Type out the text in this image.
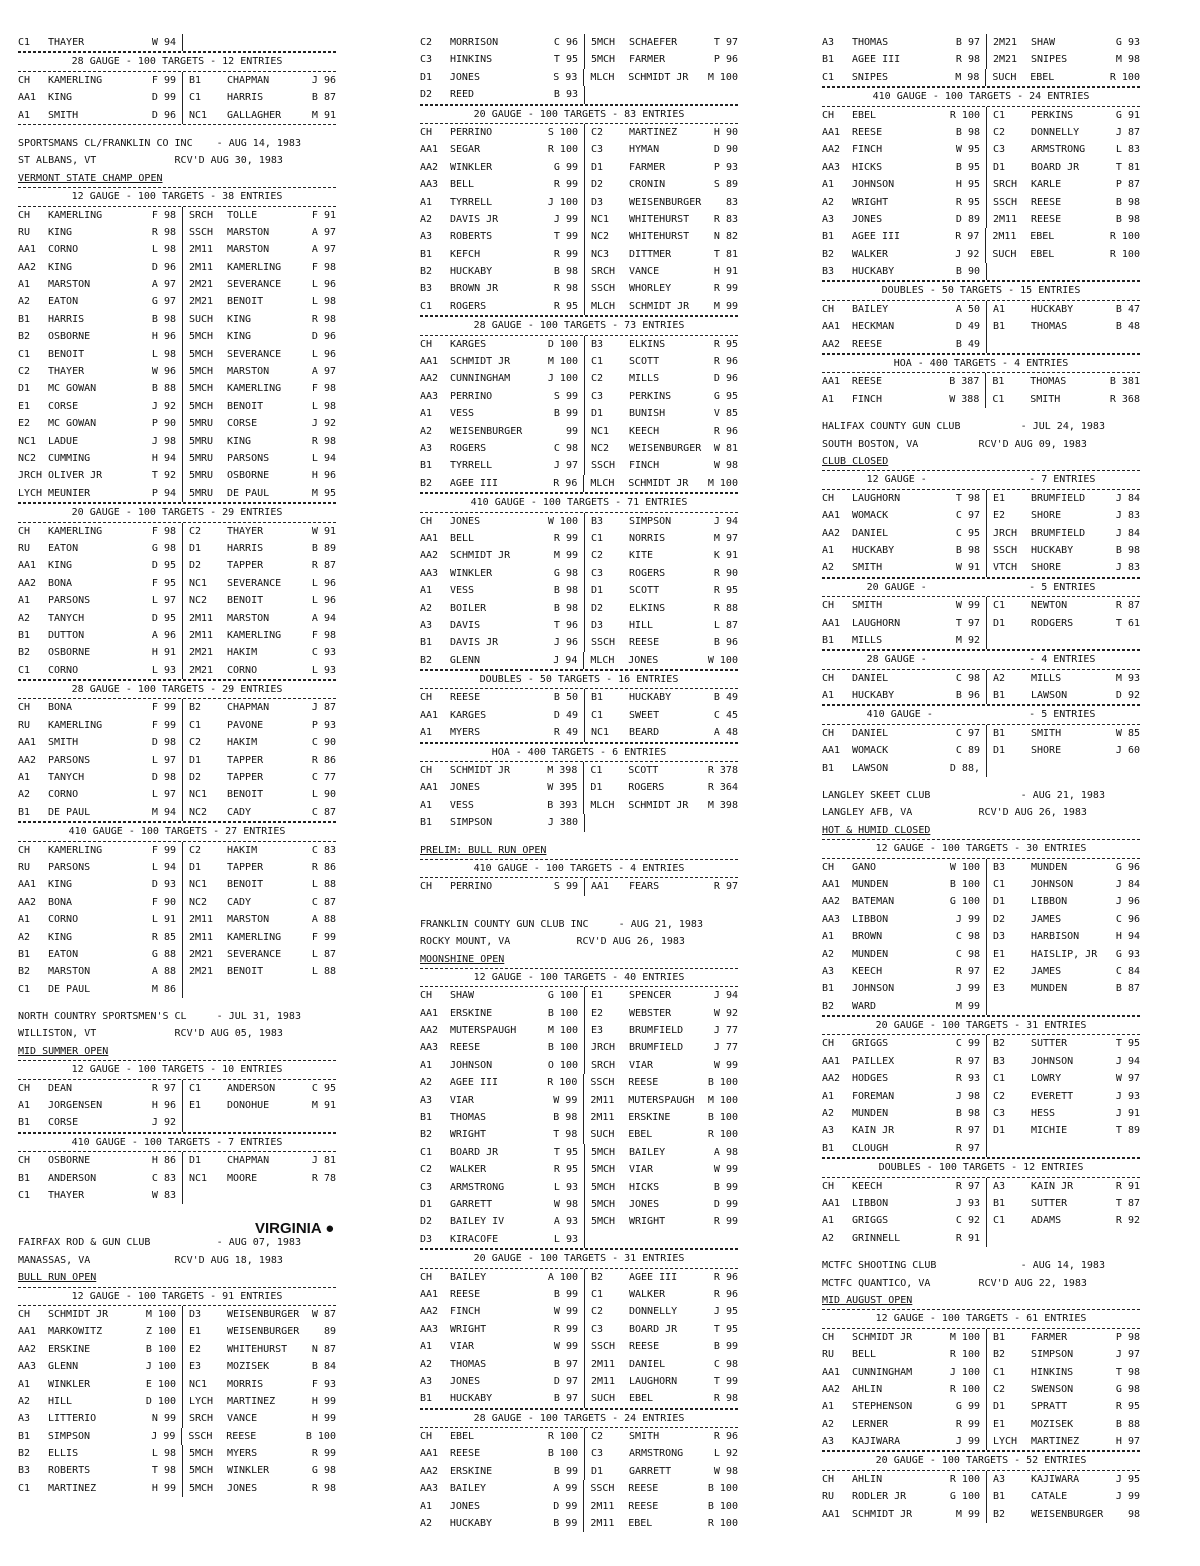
C1	THAYER	W 94
28 GAUGE - 100 TARGETS - 12 ENTRIES
CH	KAMERLING	F 99	B1	CHAPMAN	J 96
AA1	KING	D 99	C1	HARRIS	B 87
A1	SMITH	D 96	NC1	GALLAGHER	M 91
SPORTSMANS CL/FRANKLIN CO INC    - AUG 14, 1983
ST ALBANS, VT             RCV'D AUG 30, 1983
VERMONT STATE CHAMP OPEN
12 GAUGE - 100 TARGETS - 38 ENTRIES
CH	KAMERLING	F 98	SRCH	TOLLE	F 91
RU	KING	R 98	SSCH	MARSTON	A 97
AA1	CORNO	L 98	2M11	MARSTON	A 97
AA2	KING	D 96	2M11	KAMERLING	F 98
A1	MARSTON	A 97	2M21	SEVERANCE	L 96
A2	EATON	G 97	2M21	BENOIT	L 98
B1	HARRIS	B 98	SUCH	KING	R 98
B2	OSBORNE	H 96	5MCH	KING	D 96
C1	BENOIT	L 98	5MCH	SEVERANCE	L 96
C2	THAYER	W 96	5MCH	MARSTON	A 97
D1	MC GOWAN	B 88	5MCH	KAMERLING	F 98
E1	CORSE	J 92	5MCH	BENOIT	L 98
E2	MC GOWAN	P 90	5MRU	CORSE	J 92
NC1	LADUE	J 98	5MRU	KING	R 98
NC2	CUMMING	H 94	5MRU	PARSONS	L 94
JRCH OLIVER JR	T 92	5MRU	OSBORNE	H 96
LYCH MEUNIER	P 94	5MRU	DE PAUL	M 95
20 GAUGE - 100 TARGETS - 29 ENTRIES
CH	KAMERLING	F 98	C2	THAYER	W 91
RU	EATON	G 98	D1	HARRIS	B 89
AA1	KING	D 95	D2	TAPPER	R 87
AA2	BONA	F 95	NC1	SEVERANCE	L 96
A1	PARSONS	L 97	NC2	BENOIT	L 96
A2	TANYCH	D 95	2M11	MARSTON	A 94
B1	DUTTON	A 96	2M11	KAMERLING	F 98
B2	OSBORNE	H 91	2M21	HAKIM	C 93
C1	CORNO	L 93	2M21	CORNO	L 93
28 GAUGE - 100 TARGETS - 29 ENTRIES
CH	BONA	F 99	B2	CHAPMAN	J 87
RU	KAMERLING	F 99	C1	PAVONE	P 93
AA1	SMITH	D 98	C2	HAKIM	C 90
AA2	PARSONS	L 97	D1	TAPPER	R 86
A1	TANYCH	D 98	D2	TAPPER	C 77
A2	CORNO	L 97	NC1	BENOIT	L 90
B1	DE PAUL	M 94	NC2	CADY	C 87
410 GAUGE - 100 TARGETS - 27 ENTRIES
CH	KAMERLING	F 99	C2	HAKIM	C 83
RU	PARSONS	L 94	D1	TAPPER	R 86
AA1	KING	D 93	NC1	BENOIT	L 88
AA2	BONA	F 90	NC2	CADY	C 87
A1	CORNO	L 91	2M11	MARSTON	A 88
A2	KING	R 85	2M11	KAMERLING	F 99
B1	EATON	G 88	2M21	SEVERANCE	L 87
B2	MARSTON	A 88	2M21	BENOIT	L 88
C1	DE PAUL	M 86
NORTH COUNTRY SPORTSMEN'S CL     - JUL 31, 1983
WILLISTON, VT             RCV'D AUG 05, 1983
MID SUMMER OPEN
12 GAUGE - 100 TARGETS - 10 ENTRIES
CH	DEAN	R 97	C1	ANDERSON	C 95
A1	JORGENSEN	H 96	E1	DONOHUE	M 91
B1	CORSE	J 92
410 GAUGE - 100 TARGETS - 7 ENTRIES
CH	OSBORNE	H 86	D1	CHAPMAN	J 81
B1	ANDERSON	C 83	NC1	MOORE	R 78
C1	THAYER	W 83
FAIRFAX ROD & GUN CLUB           - AUG 07, 1983
MANASSAS, VA              RCV'D AUG 18, 1983
BULL RUN OPEN
12 GAUGE - 100 TARGETS - 91 ENTRIES
CH	SCHMIDT JR	M 100	D3	WEISENBURGER	W 87
AA1	MARKOWITZ	Z 100	E1	WEISENBURGER	89
AA2	ERSKINE	B 100	E2	WHITEHURST	N 87
AA3	GLENN	J 100	E3	MOZISEK	B 84
A1	WINKLER	E 100	NC1	MORRIS	F 93
A2	HILL	D 100	LYCH	MARTINEZ	H 99
A3	LITTERIO	N 99	SRCH	VANCE	H 99
B1	SIMPSON	J 99	SSCH	REESE	B 100
B2	ELLIS	L 98	5MCH	MYERS	R 99
B3	ROBERTS	T 98	5MCH	WINKLER	G 98
C1	MARTINEZ	H 99	5MCH	JONES	R 98
C2	MORRISON	C 96	5MCH	SCHAEFER	T 97
C3	HINKINS	T 95	5MCH	FARMER	P 96
D1	JONES	S 93	MLCH	SCHMIDT JR	M 100
D2	REED	B 93
20 GAUGE - 100 TARGETS - 83 ENTRIES
CH	PERRINO	S 100	C2	MARTINEZ	H 90
AA1	SEGAR	R 100	C3	HYMAN	D 90
AA2	WINKLER	G 99	D1	FARMER	P 93
AA3	BELL	R 99	D2	CRONIN	S 89
A1	TYRRELL	J 100	D3	WEISENBURGER	83
A2	DAVIS JR	J 99	NC1	WHITEHURST	R 83
A3	ROBERTS	T 99	NC2	WHITEHURST	N 82
B1	KEFCH	R 99	NC3	DITTMER	T 81
B2	HUCKABY	B 98	SRCH	VANCE	H 91
B3	BROWN JR	R 98	SSCH	WHORLEY	R 99
C1	ROGERS	R 95	MLCH	SCHMIDT JR	M 99
28 GAUGE - 100 TARGETS - 73 ENTRIES
CH	KARGES	D 100	B3	ELKINS	R 95
AA1	SCHMIDT JR	M 100	C1	SCOTT	R 96
AA2	CUNNINGHAM	J 100	C2	MILLS	D 96
AA3	PERRINO	S 99	C3	PERKINS	G 95
A1	VESS	B 99	D1	BUNISH	V 85
A2	WEISENBURGER	99	NC1	KEECH	R 96
A3	ROGERS	C 98	NC2	WEISENBURGER	W 81
B1	TYRRELL	J 97	SSCH	FINCH	W 98
B2	AGEE III	R 96	MLCH	SCHMIDT JR	M 100
410 GAUGE - 100 TARGETS - 71 ENTRIES
CH	JONES	W 100	B3	SIMPSON	J 94
AA1	BELL	R 99	C1	NORRIS	M 97
AA2	SCHMIDT JR	M 99	C2	KITE	K 91
AA3	WINKLER	G 98	C3	ROGERS	R 90
A1	VESS	B 98	D1	SCOTT	R 95
A2	BOILER	B 98	D2	ELKINS	R 88
A3	DAVIS	T 96	D3	HILL	L 87
B1	DAVIS JR	J 96	SSCH	REESE	B 96
B2	GLENN	J 94	MLCH	JONES	W 100
DOUBLES - 50 TARGETS - 16 ENTRIES
CH	REESE	B 50	B1	HUCKABY	B 49
AA1	KARGES	D 49	C1	SWEET	C 45
A1	MYERS	R 49	NC1	BEARD	A 48
HOA - 400 TARGETS - 6 ENTRIES
CH	SCHMIDT JR	M 398	C1	SCOTT	R 378
AA1	JONES	W 395	D1	ROGERS	R 364
A1	VESS	B 393	MLCH	SCHMIDT JR	M 398
B1	SIMPSON	J 380
PRELIM: BULL RUN OPEN
410 GAUGE - 100 TARGETS - 4 ENTRIES
CH	PERRINO	S 99	AA1	FEARS	R 97
FRANKLIN COUNTY GUN CLUB INC     - AUG 21, 1983
ROCKY MOUNT, VA           RCV'D AUG 26, 1983
MOONSHINE OPEN
12 GAUGE - 100 TARGETS - 40 ENTRIES
CH	SHAW	G 100	E1	SPENCER	J 94
AA1	ERSKINE	B 100	E2	WEBSTER	W 92
AA2	MUTERSPAUGH	M 100	E3	BRUMFIELD	J 77
AA3	REESE	B 100	JRCH	BRUMFIELD	J 77
A1	JOHNSON	O 100	SRCH	VIAR	W 99
A2	AGEE III	R 100	SSCH	REESE	B 100
A3	VIAR	W 99	2M11	MUTERSPAUGH	M 100
B1	THOMAS	B 98	2M11	ERSKINE	B 100
B2	WRIGHT	T 98	SUCH	EBEL	R 100
C1	BOARD JR	T 95	5MCH	BAILEY	A 98
C2	WALKER	R 95	5MCH	VIAR	W 99
C3	ARMSTRONG	L 93	5MCH	HICKS	B 99
D1	GARRETT	W 98	5MCH	JONES	D 99
D2	BAILEY IV	A 93	5MCH	WRIGHT	R 99
D3	KIRACOFE	L 93
20 GAUGE - 100 TARGETS - 31 ENTRIES
CH	BAILEY	A 100	B2	AGEE III	R 96
AA1	REESE	B 99	C1	WALKER	R 96
AA2	FINCH	W 99	C2	DONNELLY	J 95
AA3	WRIGHT	R 99	C3	BOARD JR	T 95
A1	VIAR	W 99	SSCH	REESE	B 99
A2	THOMAS	B 97	2M11	DANIEL	C 98
A3	JONES	D 97	2M11	LAUGHORN	T 99
B1	HUCKABY	B 97	SUCH	EBEL	R 98
28 GAUGE - 100 TARGETS - 24 ENTRIES
CH	EBEL	R 100	C2	SMITH	R 96
AA1	REESE	B 100	C3	ARMSTRONG	L 92
AA2	ERSKINE	B 99	D1	GARRETT	W 98
AA3	BAILEY	A 99	SSCH	REESE	B 100
A1	JONES	D 99	2M11	REESE	B 100
A2	HUCKABY	B 99	2M11	EBEL	R 100
A3	THOMAS	B 97	2M21	SHAW	G 93
B1	AGEE III	R 98	2M21	SNIPES	M 98
C1	SNIPES	M 98	SUCH	EBEL	R 100
410 GAUGE - 100 TARGETS - 24 ENTRIES
CH	EBEL	R 100	C1	PERKINS	G 91
AA1	REESE	B 98	C2	DONNELLY	J 87
AA2	FINCH	W 95	C3	ARMSTRONG	L 83
AA3	HICKS	B 95	D1	BOARD JR	T 81
A1	JOHNSON	H 95	SRCH	KARLE	P 87
A2	WRIGHT	R 95	SSCH	REESE	B 98
A3	JONES	D 89	2M11	REESE	B 98
B1	AGEE III	R 97	2M11	EBEL	R 100
B2	WALKER	J 92	SUCH	EBEL	R 100
B3	HUCKABY	B 90
DOUBLES - 50 TARGETS - 15 ENTRIES
CH	BAILEY	A 50	A1	HUCKABY	B 47
AA1	HECKMAN	D 49	B1	THOMAS	B 48
AA2	REESE	B 49
HOA - 400 TARGETS - 4 ENTRIES
AA1	REESE	B 387	B1	THOMAS	B 381
A1	FINCH	W 388	C1	SMITH	R 368
HALIFAX COUNTY GUN CLUB          - JUL 24, 1983
SOUTH BOSTON, VA          RCV'D AUG 09, 1983
CLUB CLOSED
12 GAUGE -                 - 7 ENTRIES
CH	LAUGHORN	T 98	E1	BRUMFIELD	J 84
AA1	WOMACK	C 97	E2	SHORE	J 83
AA2	DANIEL	C 95	JRCH	BRUMFIELD	J 84
A1	HUCKABY	B 98	SSCH	HUCKABY	B 98
A2	SMITH	W 91	VTCH	SHORE	J 83
20 GAUGE -                 - 5 ENTRIES
CH	SMITH	W 99	C1	NEWTON	R 87
AA1	LAUGHORN	T 97	D1	RODGERS	T 61
B1	MILLS	M 92
28 GAUGE -                 - 4 ENTRIES
CH	DANIEL	C 98	A2	MILLS	M 93
A1	HUCKABY	B 96	B1	LAWSON	D 92
410 GAUGE -                - 5 ENTRIES
CH	DANIEL	C 97	B1	SMITH	W 85
AA1	WOMACK	C 89	D1	SHORE	J 60
B1	LAWSON	D 88,
LANGLEY SKEET CLUB               - AUG 21, 1983
LANGLEY AFB, VA           RCV'D AUG 26, 1983
HOT & HUMID CLOSED
12 GAUGE - 100 TARGETS - 30 ENTRIES
CH	GANO	W 100	B3	MUNDEN	G 96
AA1	MUNDEN	B 100	C1	JOHNSON	J 84
AA2	BATEMAN	G 100	D1	LIBBON	J 96
AA3	LIBBON	J 99	D2	JAMES	C 96
A1	BROWN	C 98	D3	HARBISON	H 94
A2	MUNDEN	C 98	E1	HAISLIP, JR	G 93
A3	KEECH	R 97	E2	JAMES	C 84
B1	JOHNSON	J 99	E3	MUNDEN	B 87
B2	WARD	M 99
20 GAUGE - 100 TARGETS - 31 ENTRIES
CH	GRIGGS	C 99	B2	SUTTER	T 95
AA1	PAILLEX	R 97	B3	JOHNSON	J 94
AA2	HODGES	R 93	C1	LOWRY	W 97
A1	FOREMAN	J 98	C2	EVERETT	J 93
A2	MUNDEN	B 98	C3	HESS	J 91
A3	KAIN JR	R 97	D1	MICHIE	T 89
B1	CLOUGH	R 97
DOUBLES - 100 TARGETS - 12 ENTRIES
CH	KEECH	R 97	A3	KAIN JR	R 91
AA1	LIBBON	J 93	B1	SUTTER	T 87
A1	GRIGGS	C 92	C1	ADAMS	R 92
A2	GRINNELL	R 91
MCTFC SHOOTING CLUB              - AUG 14, 1983
MCTFC QUANTICO, VA        RCV'D AUG 22, 1983
MID AUGUST OPEN
12 GAUGE - 100 TARGETS - 61 ENTRIES
CH	SCHMIDT JR	M 100	B1	FARMER	P 98
RU	BELL	R 100	B2	SIMPSON	J 97
AA1	CUNNINGHAM	J 100	C1	HINKINS	T 98
AA2	AHLIN	R 100	C2	SWENSON	G 98
A1	STEPHENSON	G 99	D1	SPRATT	R 95
A2	LERNER	R 99	E1	MOZISEK	B 88
A3	KAJIWARA	J 99	LYCH	MARTINEZ	H 97
20 GAUGE - 100 TARGETS - 52 ENTRIES
CH	AHLIN	R 100	A3	KAJIWARA	J 95
RU	RODLER JR	G 100	B1	CATALE	J 99
AA1	SCHMIDT JR	M 99	B2	WEISENBURGER	98
VIRGINIA ●
